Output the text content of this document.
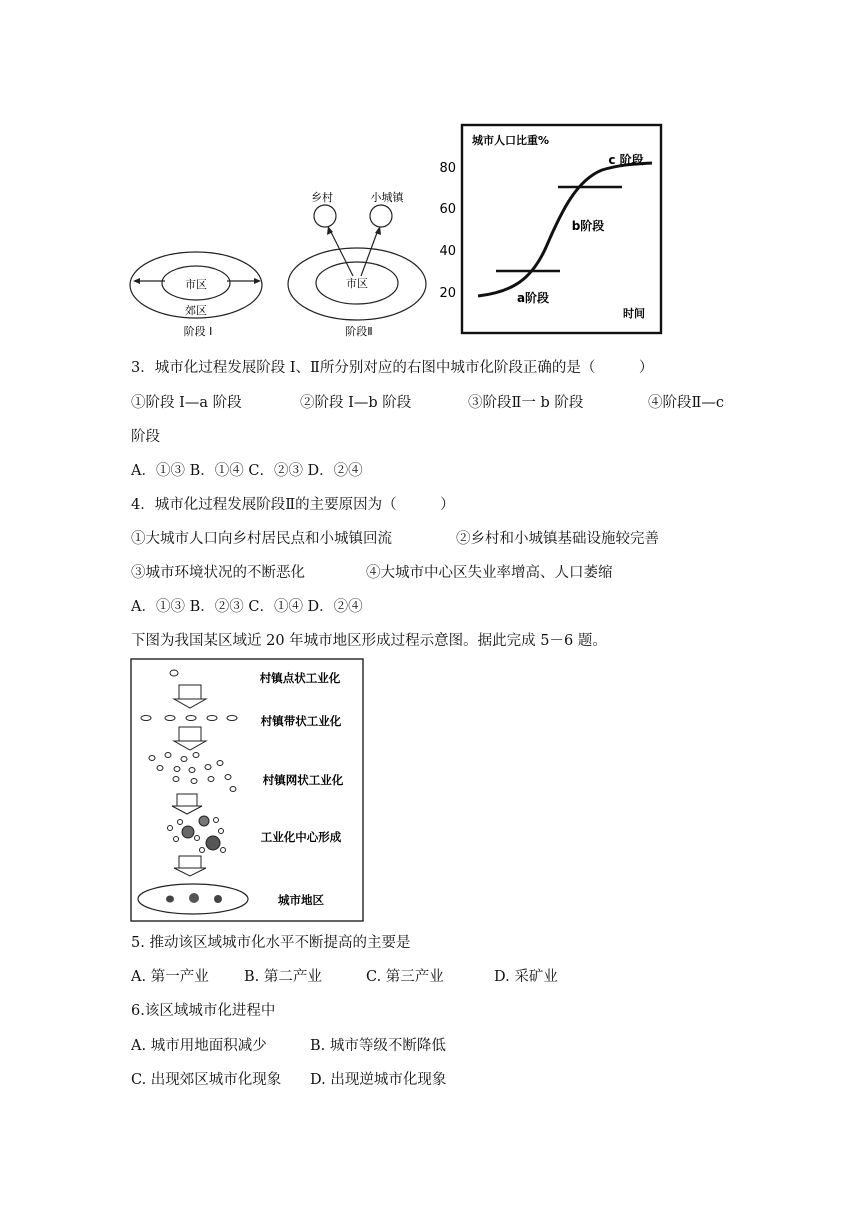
市区
郊区
阶段 I
市区
乡村	小城镇
阶段Ⅱ
城市人口比重%
80
60
40
20	a阶段
b阶段
c 阶段
时间
3．城市化过程发展阶段 I、Ⅱ所分别对应的右图中城市化阶段正确的是（　　　）
①阶段 I—a 阶段	②阶段 I—b 阶段	③阶段Ⅱ一 b 阶段	④阶段Ⅱ—c
阶段
A．①③ B．①④ C．②③ D．②④
4．城市化过程发展阶段Ⅱ的主要原因为（　　　）
①大城市人口向乡村居民点和小城镇回流	②乡村和小城镇基础设施较完善
③城市环境状况的不断恶化	④大城市中心区失业率增高、人口萎缩
A．①③ B．②③ C．①④ D．②④
下图为我国某区域近 20 年城市地区形成过程示意图。据此完成 5－6 题。
村镇点状工业化
村镇带状工业化
村镇网状工业化
工业化中心形成
城市地区
5. 推动该区域城市化水平不断提高的主要是
A. 第一产业 B. 第二产业	C. 第三产业	D. 采矿业
6.该区域城市化进程中
A. 城市用地面积减少	B. 城市等级不断降低
C. 出现郊区城市化现象 D. 出现逆城市化现象
